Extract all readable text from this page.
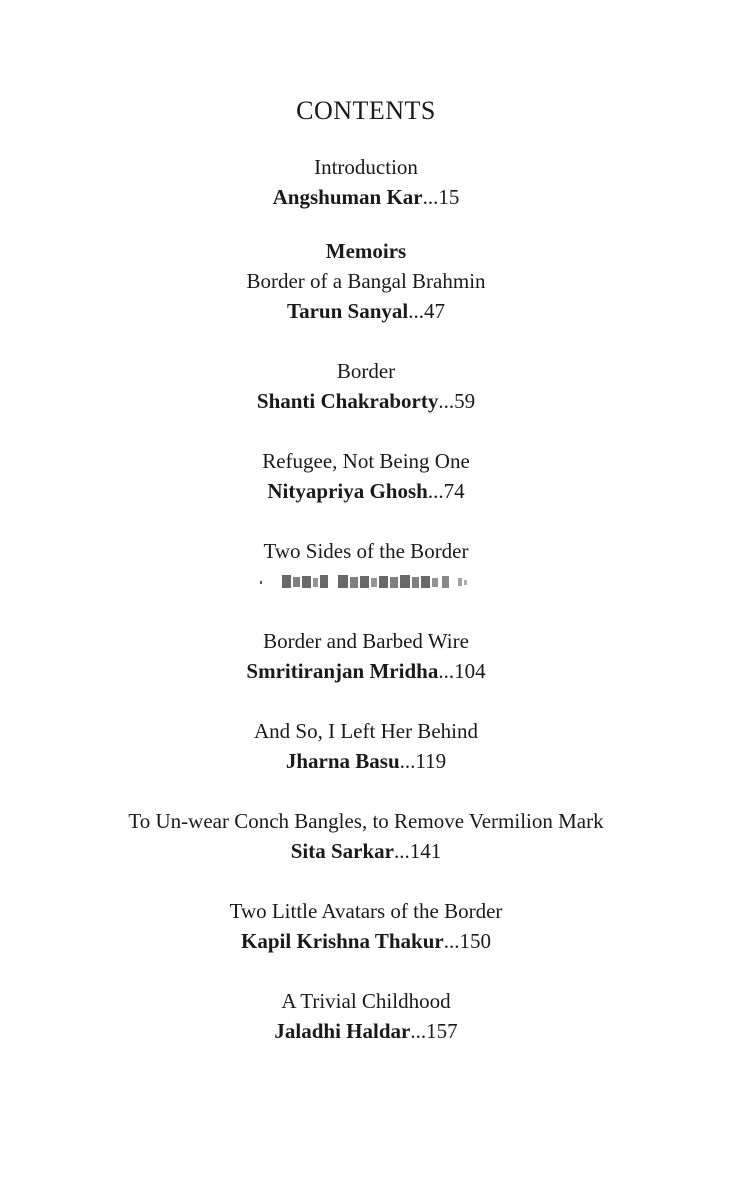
CONTENTS
Introduction
Angshuman Kar...15
Memoirs
Border of a Bangal Brahmin
Tarun Sanyal...47
Border
Shanti Chakraborty...59
Refugee, Not Being One
Nityapriya Ghosh...74
Two Sides of the Border
Border and Barbed Wire
Smritiranjan Mridha...104
And So, I Left Her Behind
Jharna Basu...119
To Un-wear Conch Bangles, to Remove Vermilion Mark
Sita Sarkar...141
Two Little Avatars of the Border
Kapil Krishna Thakur...150
A Trivial Childhood
Jaladhi Haldar...157
